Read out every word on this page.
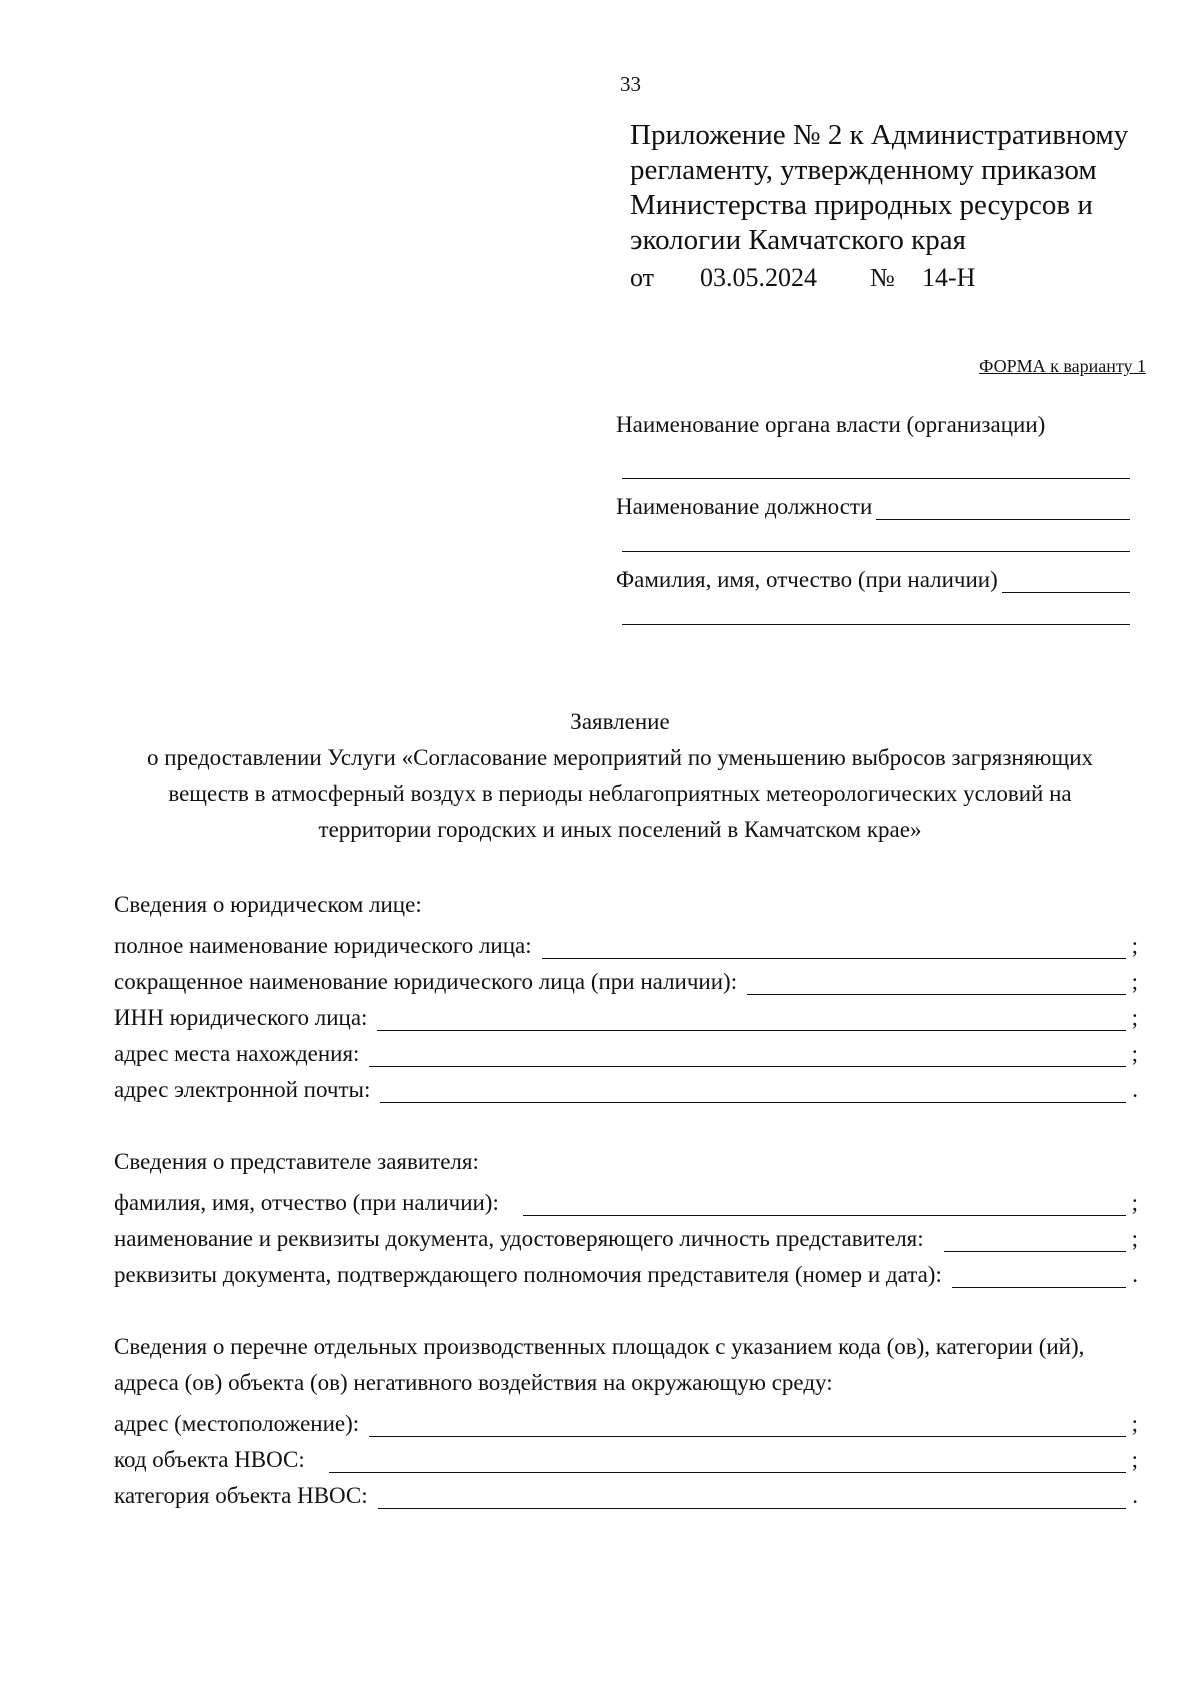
33
Приложение № 2 к Административному
регламенту, утвержденному приказом
Министерства природных ресурсов и
экологии Камчатского края
от	03.05.2024	№	14-Н
ФОРМА к варианту 1
Наименование органа власти (организации)
Наименование должности
Фамилия, имя, отчество (при наличии)
Заявление
о предоставлении Услуги «Согласование мероприятий по уменьшению выбросов загрязняющих
веществ в атмосферный воздух в периоды неблагоприятных метеорологических условий на
территории городских и иных поселений в Камчатском крае»
Сведения о юридическом лице:
полное наименование юридического лица:	;
сокращенное наименование юридического лица (при наличии):	;
ИНН юридического лица:	;
адрес места нахождения:	;
адрес электронной почты:	.
Сведения о представителе заявителя:
фамилия, имя, отчество (при наличии):	;
наименование и реквизиты документа, удостоверяющего личность представителя:	;
реквизиты документа, подтверждающего полномочия представителя (номер и дата):	.
Сведения о перечне отдельных производственных площадок с указанием кода (ов), категории (ий),
адреса (ов) объекта (ов) негативного воздействия на окружающую среду:
адрес (местоположение):	;
код объекта НВОС:	;
категория объекта НВОС:	.
